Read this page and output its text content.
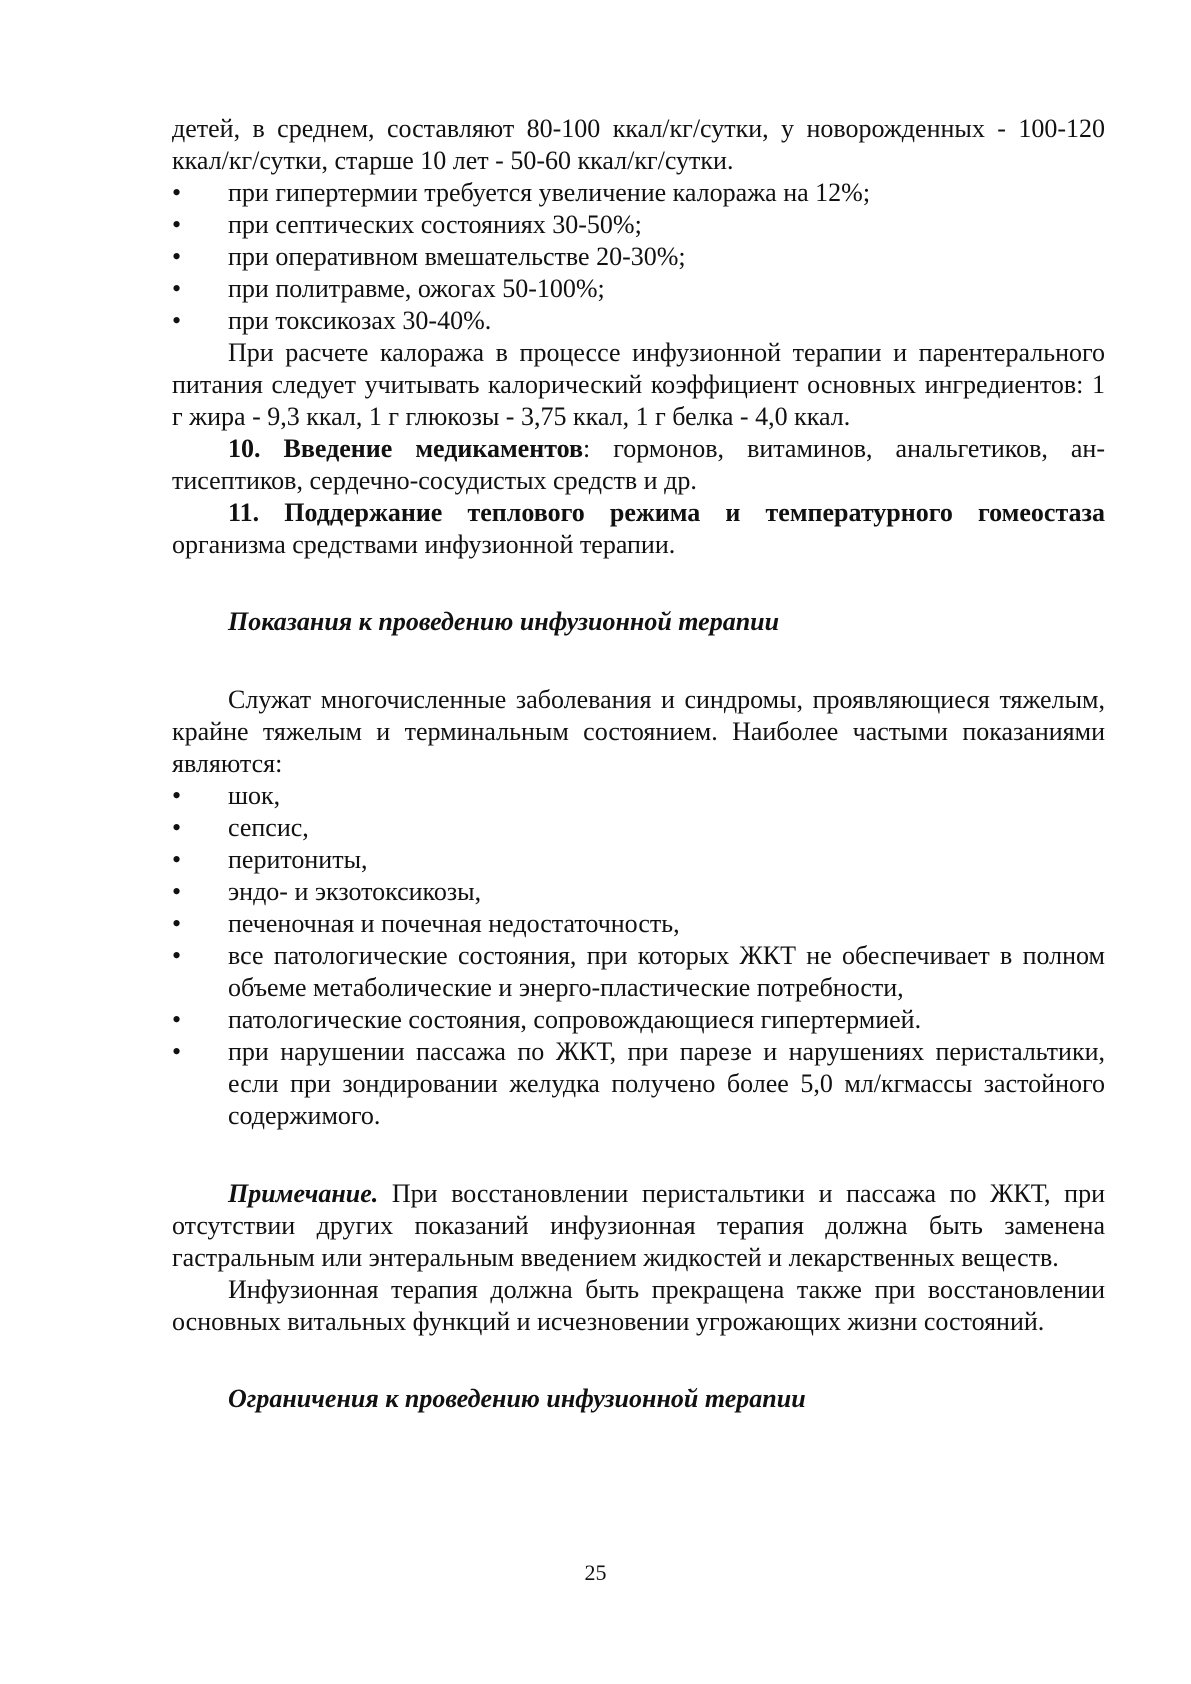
детей, в среднем, составляют 80-100 ккал/кг/сутки, у новорожденных - 100-120 ккал/кг/сутки, старше 10 лет - 50-60 ккал/кг/сутки.

•	при гипертермии требуется увеличение калоража на 12%;
•	при септических состояниях 30-50%;
•	при оперативном вмешательстве 20-30%;
•	при политравме, ожогах 50-100%;
•	при токсикозах 30-40%.

При расчете калоража в процессе инфузионной терапии и парентерального питания следует учитывать калорический коэффициент основных ингредиентов: 1 г жира - 9,3 ккал, 1 г глюкозы - 3,75 ккал, 1 г белка - 4,0 ккал.

10. Введение медикаментов: гормонов, витаминов, анальгетиков, антисептиков, сердечно-сосудистых средств и др.

11. Поддержание теплового режима и температурного гомеостаза организма средствами инфузионной терапии.

Показания к проведению инфузионной терапии

Служат многочисленные заболевания и синдромы, проявляющиеся тяжелым, крайне тяжелым и терминальным состоянием. Наиболее частыми показаниями являются:

•	шок,
•	сепсис,
•	перитониты,
•	эндо- и экзотоксикозы,
•	печеночная и почечная недостаточность,
•	все патологические состояния, при которых ЖКТ не обеспечивает в полном объеме метаболические и энерго-пластические потребности,
•	патологические состояния, сопровождающиеся гипертермией.
•	при нарушении пассажа по ЖКТ, при парезе и нарушениях перистальтики, если при зондировании желудка получено более 5,0 мл/кгмассы застойного содержимого.

Примечание. При восстановлении перистальтики и пассажа по ЖКТ, при отсутствии других показаний инфузионная терапия должна быть заменена гастральным или энтеральным введением жидкостей и лекарственных веществ.

Инфузионная терапия должна быть прекращена также при восстановлении основных витальных функций и исчезновении угрожающих жизни состояний.

Ограничения к проведению инфузионной терапии
25
